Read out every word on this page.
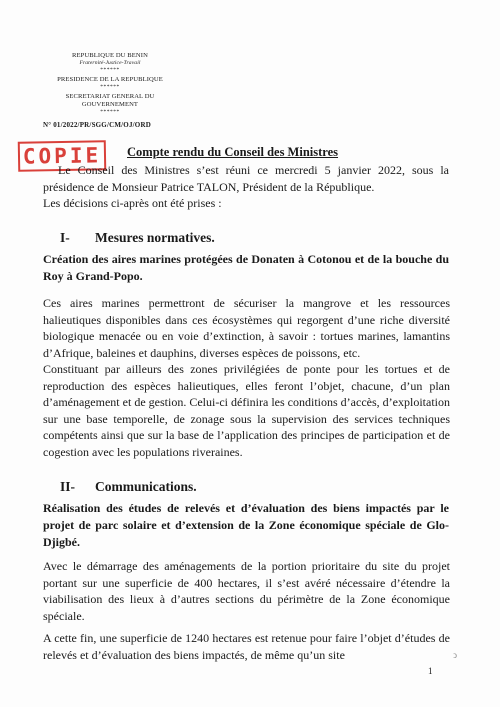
REPUBLIQUE DU BENIN
Fraternité-Justice-Travail
******
PRESIDENCE DE LA REPUBLIQUE
******
SECRETARIAT GENERAL DU
GOUVERNEMENT
******
N° 01/2022/PR/SGG/CM/OJ/ORD
COPIE	Compte rendu du Conseil des Ministres

Le Conseil des Ministres s’est réuni ce mercredi 5 janvier 2022, sous la présidence de Monsieur Patrice TALON, Président de la République.

Les décisions ci-après ont été prises :

I- Mesures normatives.
Création des aires marines protégées de Donaten à Cotonou et de la bouche du Roy à Grand-Popo.

Ces aires marines permettront de sécuriser la mangrove et les ressources halieutiques disponibles dans ces écosystèmes qui regorgent d’une riche diversité biologique menacée ou en voie d’extinction, à savoir : tortues marines, lamantins d’Afrique, baleines et dauphins, diverses espèces de poissons, etc.

Constituant par ailleurs des zones privilégiées de ponte pour les tortues et de reproduction des espèces halieutiques, elles feront l’objet, chacune, d’un plan d’aménagement et de gestion. Celui-ci définira les conditions d’accès, d’exploitation sur une base temporelle, de zonage sous la supervision des services techniques compétents ainsi que sur la base de l’application des principes de participation et de cogestion avec les populations riveraines.

II- Communications.
Réalisation des études de relevés et d’évaluation des biens impactés par le projet de parc solaire et d’extension de la Zone économique spéciale de Glo-Djigbé.

Avec le démarrage des aménagements de la portion prioritaire du site du projet portant sur une superficie de 400 hectares, il s’est avéré nécessaire d’étendre la viabilisation des lieux à d’autres sections du périmètre de la Zone économique spéciale.

A cette fin, une superficie de 1240 hectares est retenue pour faire l’objet d’études de relevés et d’évaluation des biens impactés, de même qu’un site	ↄ
1
